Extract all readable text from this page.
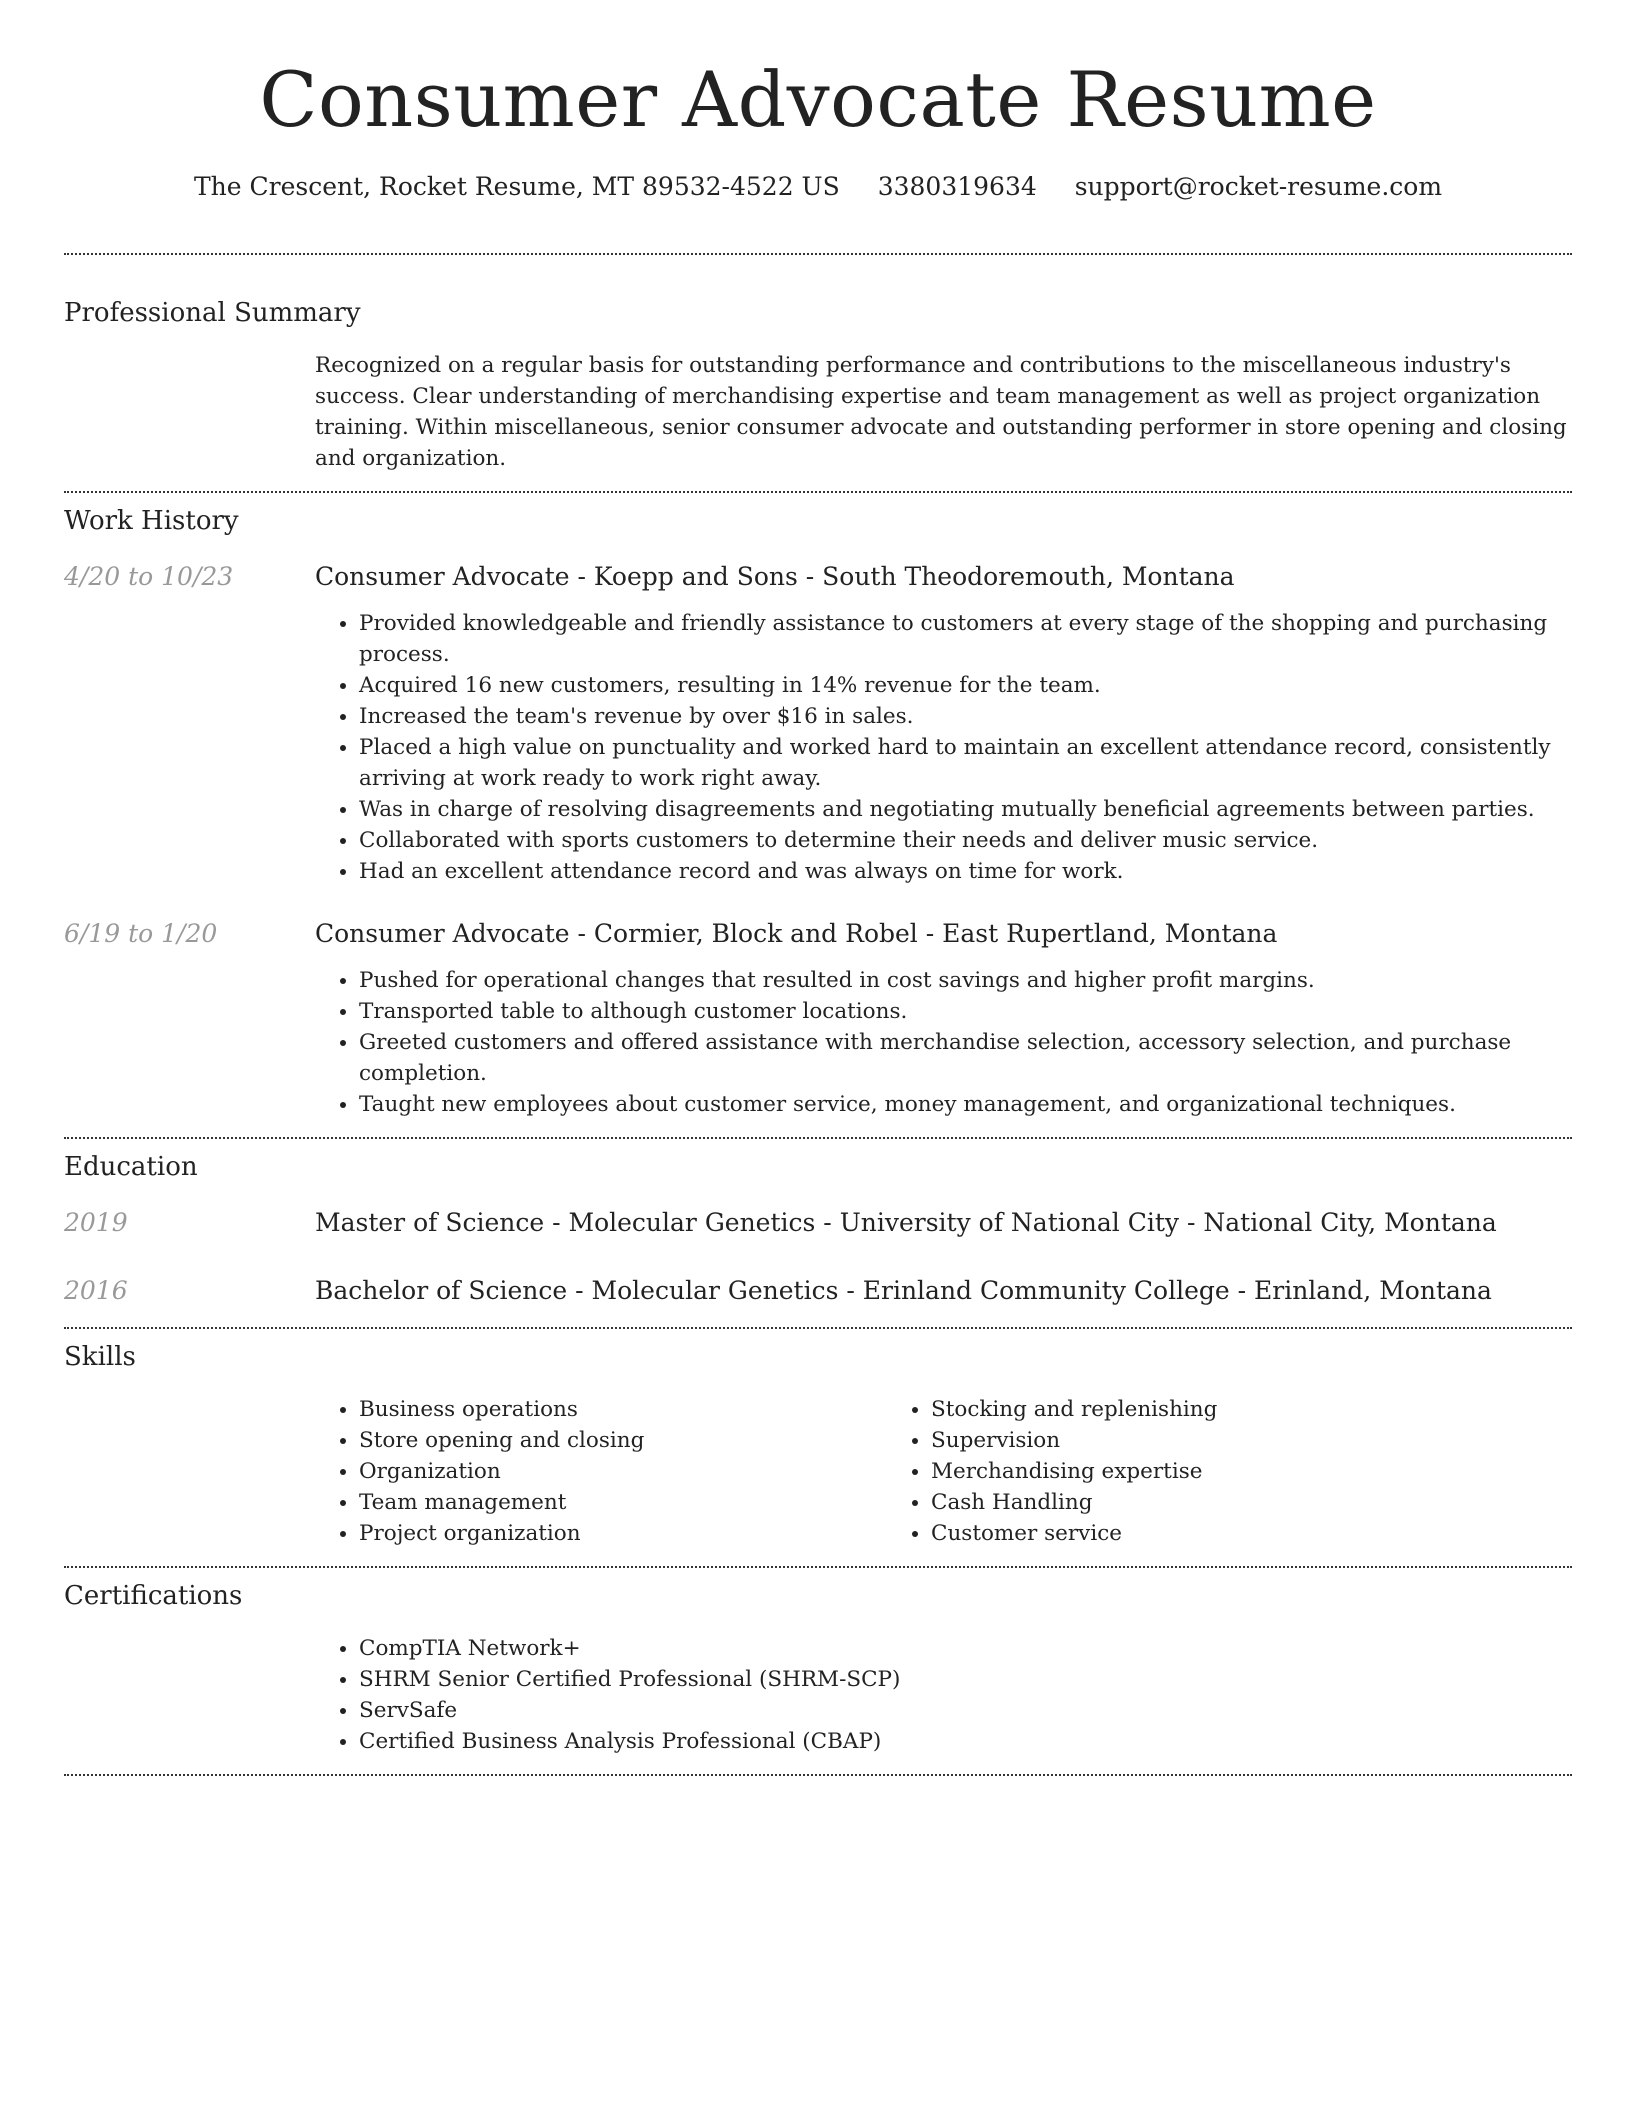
Consumer Advocate Resume
The Crescent, Rocket Resume, MT 89532-4522 US 3380319634 support@rocket-resume.com
Professional Summary
Recognized on a regular basis for outstanding performance and contributions to the miscellaneous industry's success. Clear understanding of merchandising expertise and team management as well as project organization training. Within miscellaneous, senior consumer advocate and outstanding performer in store opening and closing and organization.
Work History
4/20 to 10/23	Consumer Advocate - Koepp and Sons - South Theodoremouth, Montana
• Provided knowledgeable and friendly assistance to customers at every stage of the shopping and purchasing process.
• Acquired 16 new customers, resulting in 14% revenue for the team.
• Increased the team's revenue by over $16 in sales.
• Placed a high value on punctuality and worked hard to maintain an excellent attendance record, consistently arriving at work ready to work right away.
• Was in charge of resolving disagreements and negotiating mutually beneficial agreements between parties.
• Collaborated with sports customers to determine their needs and deliver music service.
• Had an excellent attendance record and was always on time for work.
6/19 to 1/20	Consumer Advocate - Cormier, Block and Robel - East Rupertland, Montana
• Pushed for operational changes that resulted in cost savings and higher profit margins.
• Transported table to although customer locations.
• Greeted customers and offered assistance with merchandise selection, accessory selection, and purchase completion.
• Taught new employees about customer service, money management, and organizational techniques.
Education
2019	Master of Science - Molecular Genetics - University of National City - National City, Montana
2016	Bachelor of Science - Molecular Genetics - Erinland Community College - Erinland, Montana
Skills
• Business operations
• Store opening and closing
• Organization
• Team management
• Project organization
• Stocking and replenishing
• Supervision
• Merchandising expertise
• Cash Handling
• Customer service
Certifications
• CompTIA Network+
• SHRM Senior Certified Professional (SHRM-SCP)
• ServSafe
• Certified Business Analysis Professional (CBAP)
